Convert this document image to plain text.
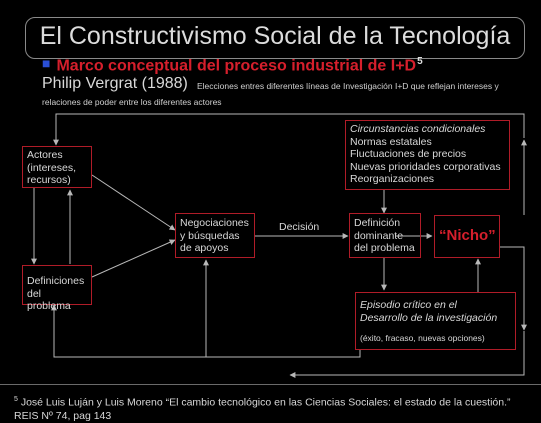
El Constructivismo Social de la Tecnología
■ Marco conceptual del proceso industrial de $I+D^5$
Philip Vergrat (1988) Elecciones entres diferentes líneas de Investigación I+D que reflejan intereses y
relaciones de poder entre los diferentes actores
Actores
(intereses,
recursos)
Definiciones
del problema
Negociaciones
y búsquedas
de apoyos
Decisión	Definición
dominante
del problema
“Nicho”
Circunstancias condicionales
Normas estatales
Fluctuaciones de precios
Nuevas prioridades corporativas
Reorganizaciones
Episodio crítico en el
Desarrollo de la investigación
(éxito, fracaso, nuevas opciones)
$^5$ José Luis Luján y Luis Moreno “El cambio tecnológico en las Ciencias Sociales: el estado de la cuestión.”
REIS Nº 74, pag 143
